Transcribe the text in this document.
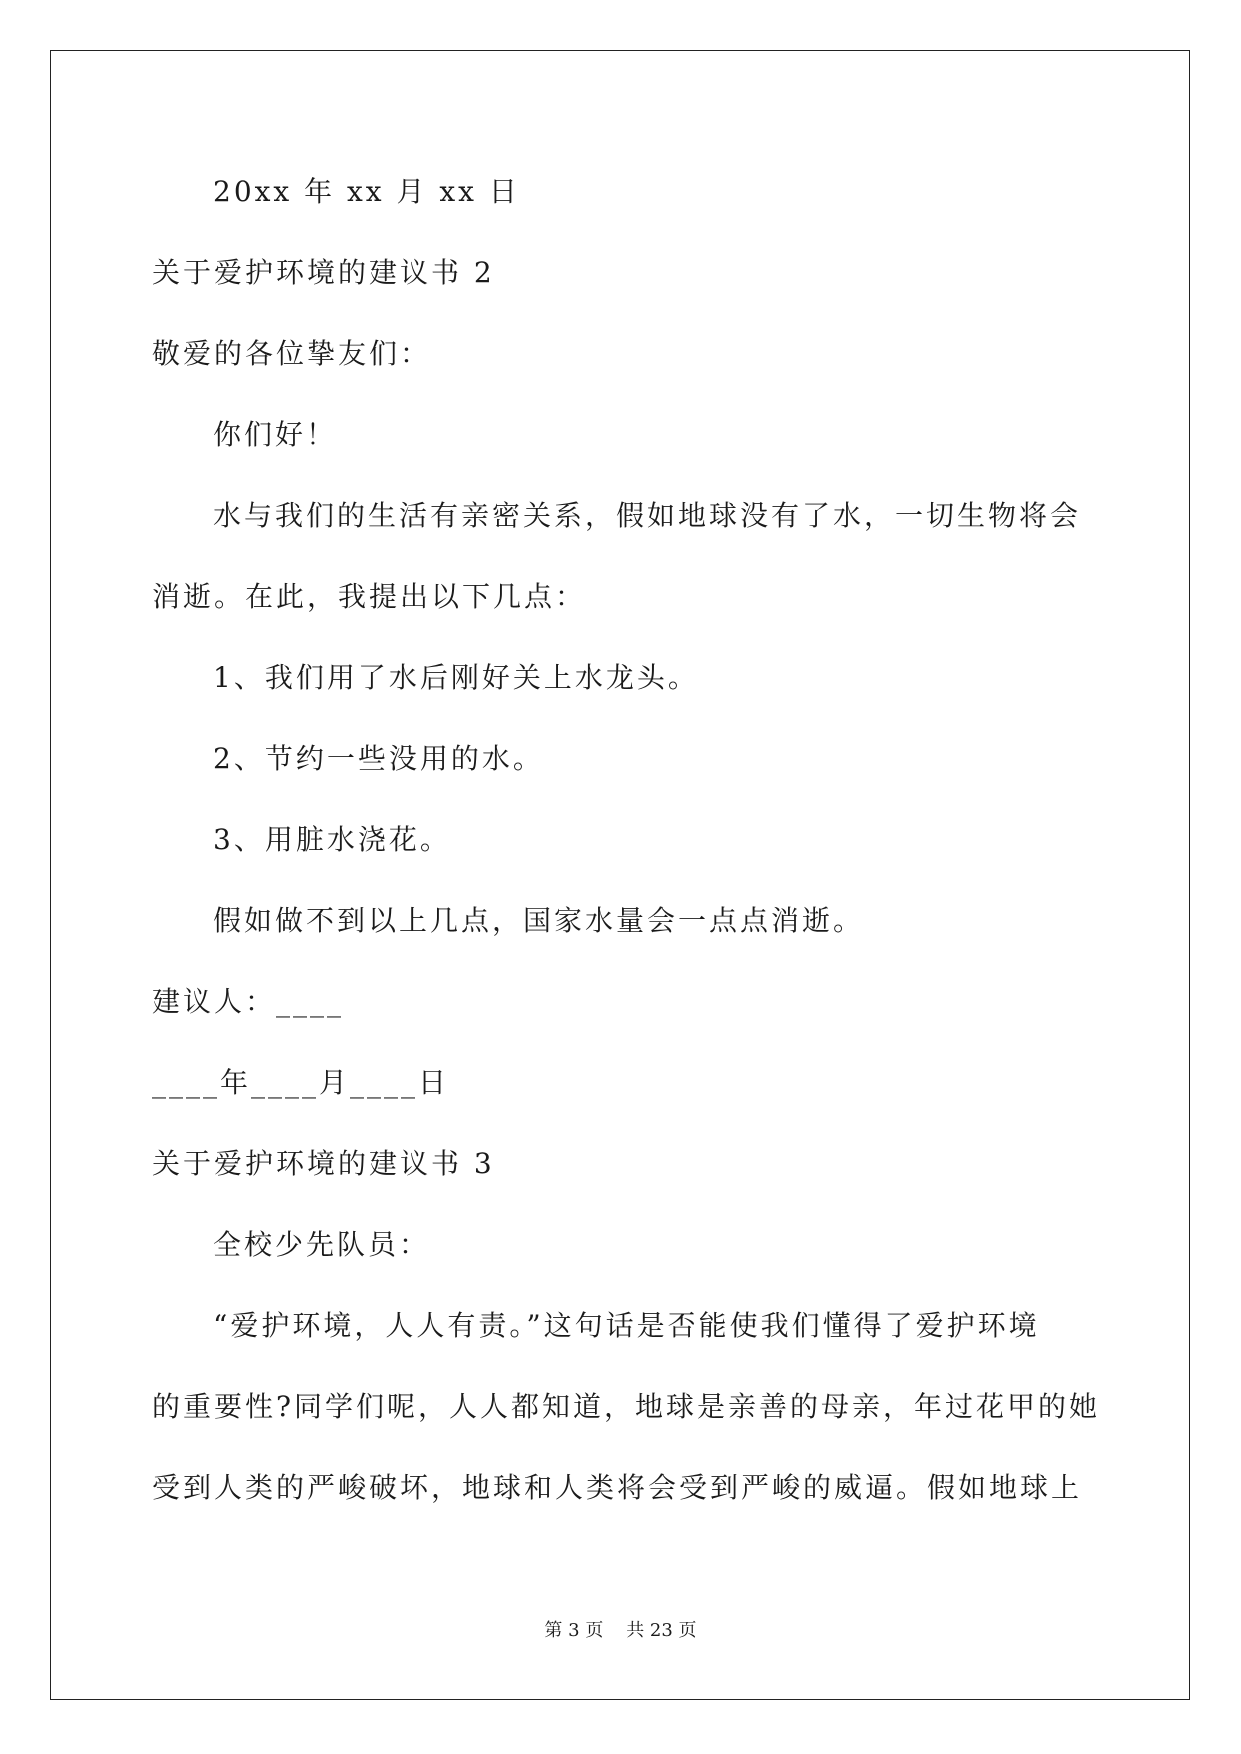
20xx 年 xx 月 xx 日
关于爱护环境的建议书 2
敬爱的各位挚友们：
你们好！
水与我们的生活有亲密关系，假如地球没有了水，一切生物将会
消逝。在此，我提出以下几点：
1、我们用了水后刚好关上水龙头。
2、节约一些没用的水。
3、用脏水浇花。
假如做不到以上几点，国家水量会一点点消逝。
建议人：____
____年____月____日
关于爱护环境的建议书 3
全校少先队员：
“爱护环境，人人有责。”这句话是否能使我们懂得了爱护环境
的重要性?同学们呢，人人都知道，地球是亲善的母亲，年过花甲的她
受到人类的严峻破坏，地球和人类将会受到严峻的威逼。假如地球上
第 3 页    共 23 页
